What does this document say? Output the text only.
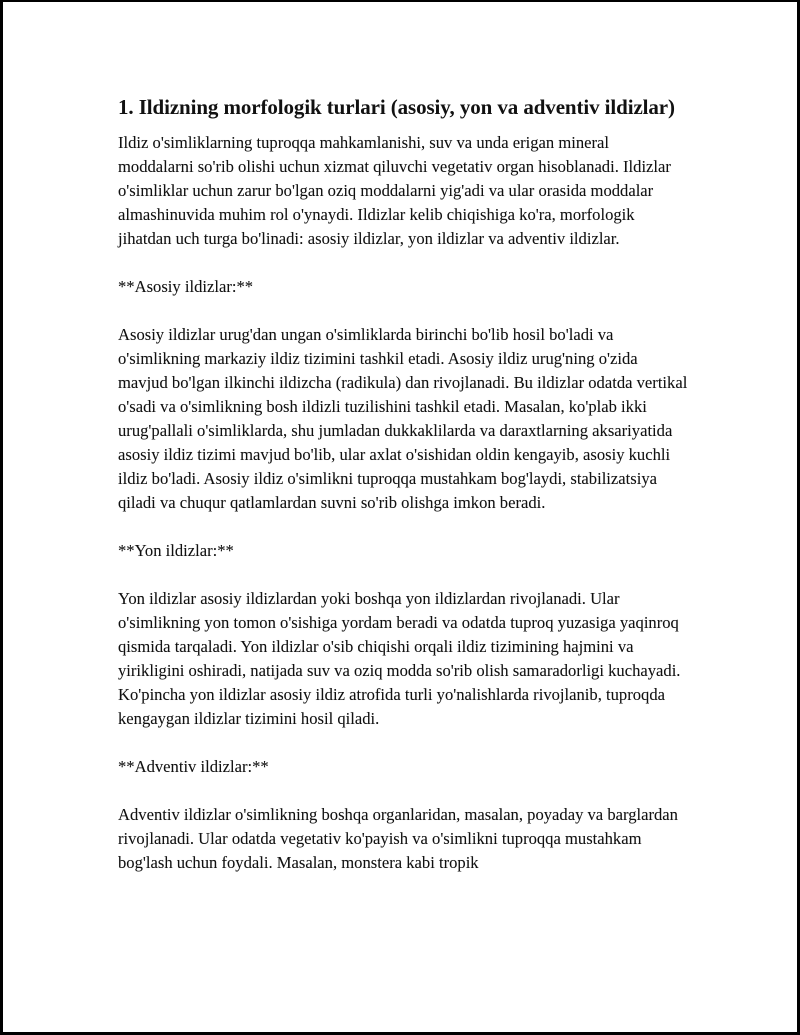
1. Ildizning morfologik turlari (asosiy, yon va adventiv ildizlar)

Ildiz o'simliklarning tuproqqa mahkamlanishi, suv va unda erigan mineral moddalarni so'rib olishi uchun xizmat qiluvchi vegetativ organ hisoblanadi. Ildizlar o'simliklar uchun zarur bo'lgan oziq moddalarni yig'adi va ular orasida moddalar almashinuvida muhim rol o'ynaydi. Ildizlar kelib chiqishiga ko'ra, morfologik jihatdan uch turga bo'linadi: asosiy ildizlar, yon ildizlar va adventiv ildizlar.

**Asosiy ildizlar:**

Asosiy ildizlar urug'dan ungan o'simliklarda birinchi bo'lib hosil bo'ladi va o'simlikning markaziy ildiz tizimini tashkil etadi. Asosiy ildiz urug'ning o'zida mavjud bo'lgan ilkinchi ildizcha (radikula) dan rivojlanadi. Bu ildizlar odatda vertikal o'sadi va o'simlikning bosh ildizli tuzilishini tashkil etadi. Masalan, ko'plab ikki urug'pallali o'simliklarda, shu jumladan dukkaklilarda va daraxtlarning aksariyatida asosiy ildiz tizimi mavjud bo'lib, ular axlat o'sishidan oldin kengayib, asosiy kuchli ildiz bo'ladi. Asosiy ildiz o'simlikni tuproqqa mustahkam bog'laydi, stabilizatsiya qiladi va chuqur qatlamlardan suvni so'rib olishga imkon beradi.

**Yon ildizlar:**

Yon ildizlar asosiy ildizlardan yoki boshqa yon ildizlardan rivojlanadi. Ular o'simlikning yon tomon o'sishiga yordam beradi va odatda tuproq yuzasiga yaqinroq qismida tarqaladi. Yon ildizlar o'sib chiqishi orqali ildiz tizimining hajmini va yirikligini oshiradi, natijada suv va oziq modda so'rib olish samaradorligi kuchayadi. Ko'pincha yon ildizlar asosiy ildiz atrofida turli yo'nalishlarda rivojlanib, tuproqda kengaygan ildizlar tizimini hosil qiladi.

**Adventiv ildizlar:**

Adventiv ildizlar o'simlikning boshqa organlaridan, masalan, poyaday va barglardan rivojlanadi. Ular odatda vegetativ ko'payish va o'simlikni tuproqqa mustahkam bog'lash uchun foydali. Masalan, monstera kabi tropik
